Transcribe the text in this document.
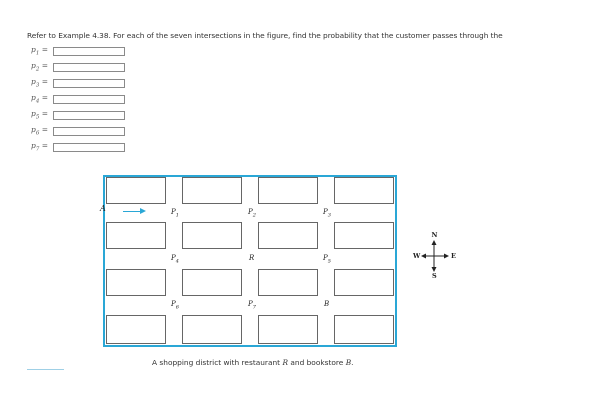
Refer to Example 4.38. For each of the seven intersections in the figure, find the probability that the customer passes through the
$p_1$ =
$p_2$ =
$p_3$ =
$p_4$ =
$p_5$ =
$p_6$ =
$p_7$ =
$P_1$	$P_2$	$P_3$
$P_4$	R	$P_5$
$P_6$	$P_7$	B
A
N
S
E
W
A shopping district with restaurant R and bookstore B.
